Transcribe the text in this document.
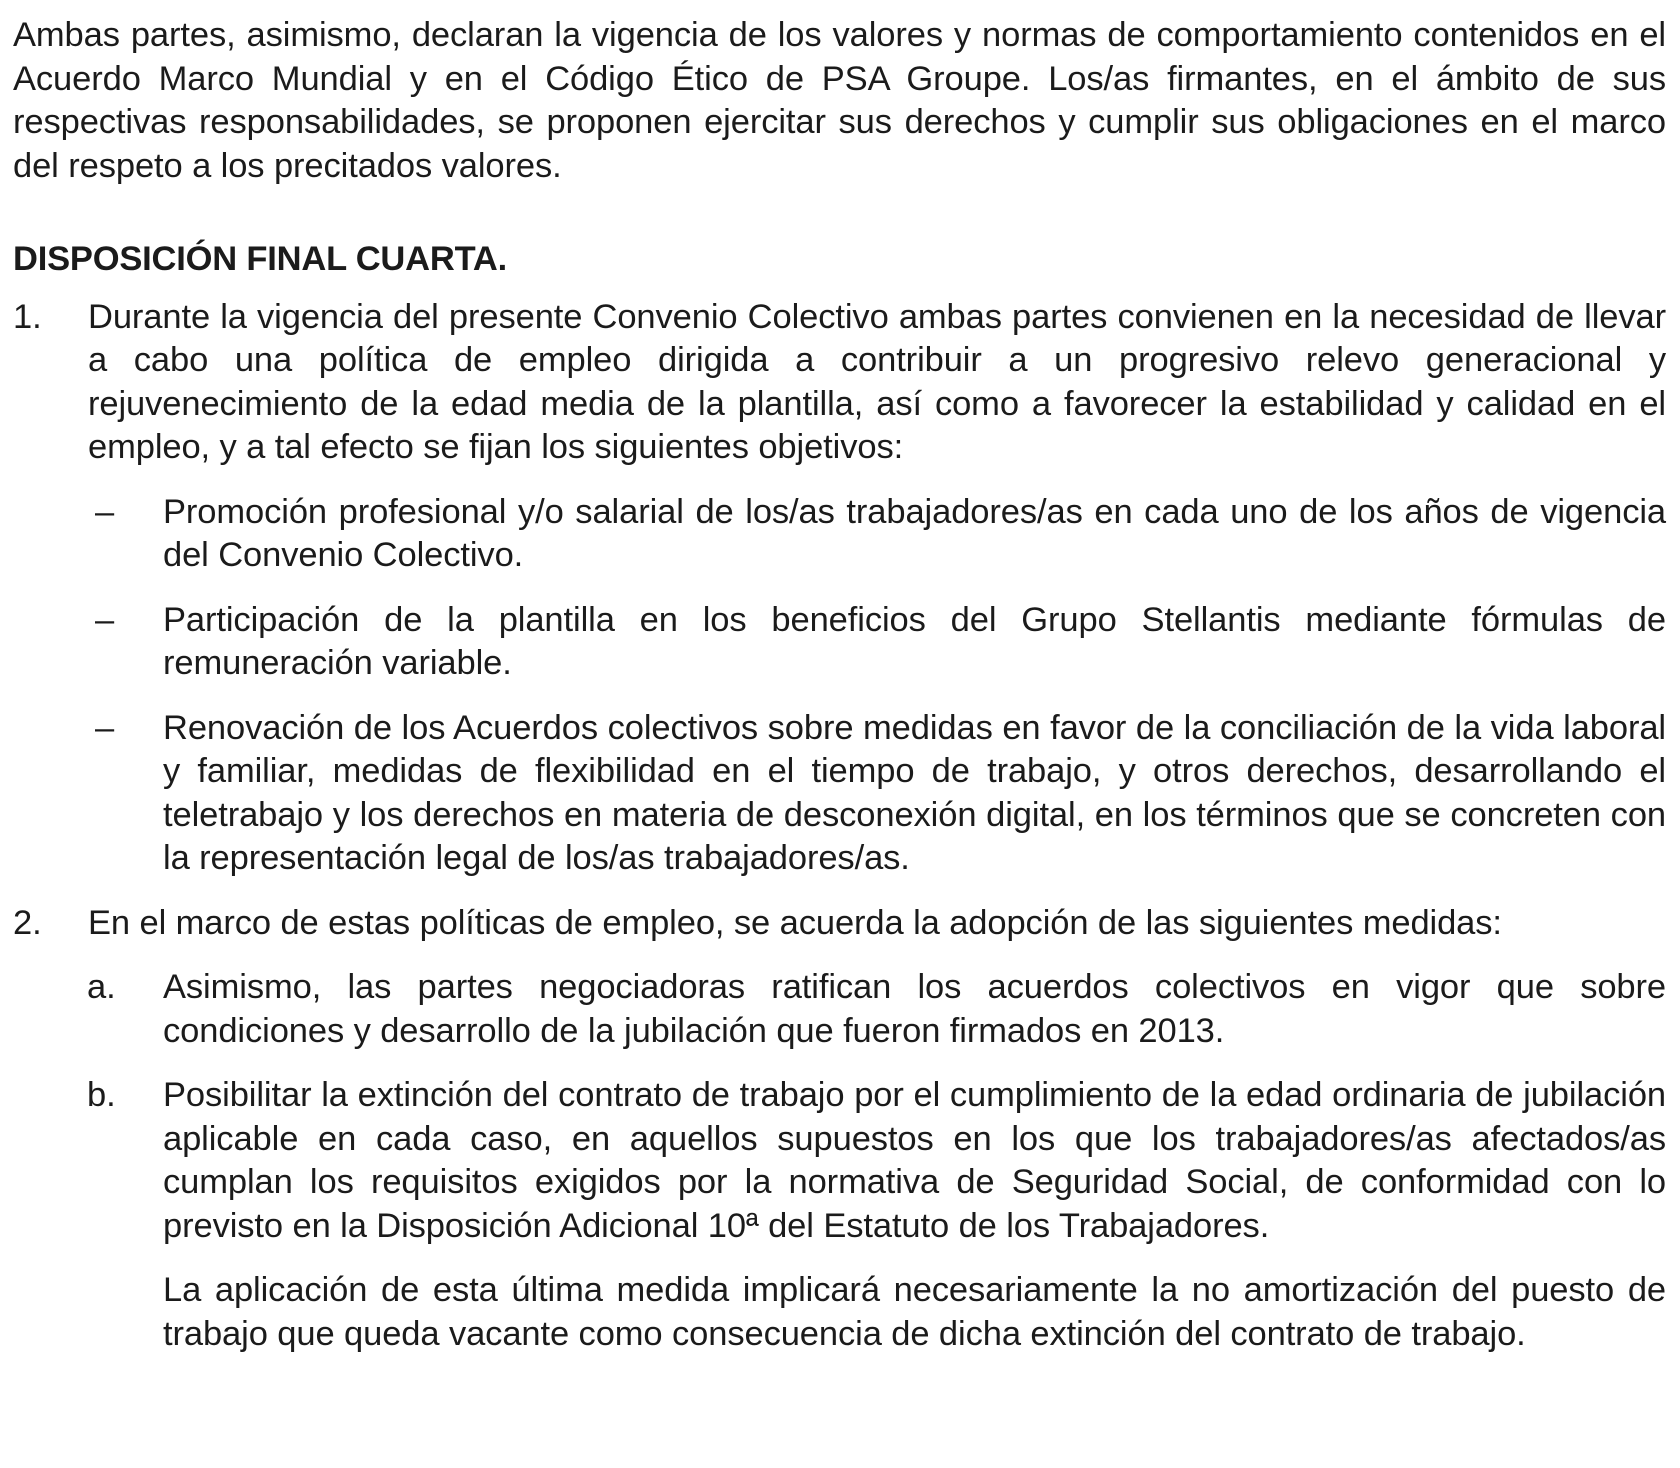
Ambas partes, asimismo, declaran la vigencia de los valores y normas de comportamiento contenidos en el Acuerdo Marco Mundial y en el Código Ético de PSA Groupe. Los/as firmantes, en el ámbito de sus respectivas responsabilidades, se proponen ejercitar sus derechos y cumplir sus obligaciones en el marco del respeto a los precitados valores.

DISPOSICIÓN FINAL CUARTA.
1. Durante la vigencia del presente Convenio Colectivo ambas partes convienen en la necesidad de llevar a cabo una política de empleo dirigida a contribuir a un progresivo relevo generacional y rejuvenecimiento de la edad media de la plantilla, así como a favorecer la estabilidad y calidad en el empleo, y a tal efecto se fijan los siguientes objetivos:
– Promoción profesional y/o salarial de los/as trabajadores/as en cada uno de los años de vigencia del Convenio Colectivo.
– Participación de la plantilla en los beneficios del Grupo Stellantis mediante fórmulas de remuneración variable.
– Renovación de los Acuerdos colectivos sobre medidas en favor de la conciliación de la vida laboral y familiar, medidas de flexibilidad en el tiempo de trabajo, y otros derechos, desarrollando el teletrabajo y los derechos en materia de desconexión digital, en los términos que se concreten con la representación legal de los/as trabajadores/as.
2. En el marco de estas políticas de empleo, se acuerda la adopción de las siguientes medidas:
a. Asimismo, las partes negociadoras ratifican los acuerdos colectivos en vigor que sobre condiciones y desarrollo de la jubilación que fueron firmados en 2013.
b. Posibilitar la extinción del contrato de trabajo por el cumplimiento de la edad ordinaria de jubilación aplicable en cada caso, en aquellos supuestos en los que los trabajadores/as afectados/as cumplan los requisitos exigidos por la normativa de Seguridad Social, de conformidad con lo previsto en la Disposición Adicional 10ª del Estatuto de los Trabajadores.
La aplicación de esta última medida implicará necesariamente la no amortización del puesto de trabajo que queda vacante como consecuencia de dicha extinción del contrato de trabajo.
